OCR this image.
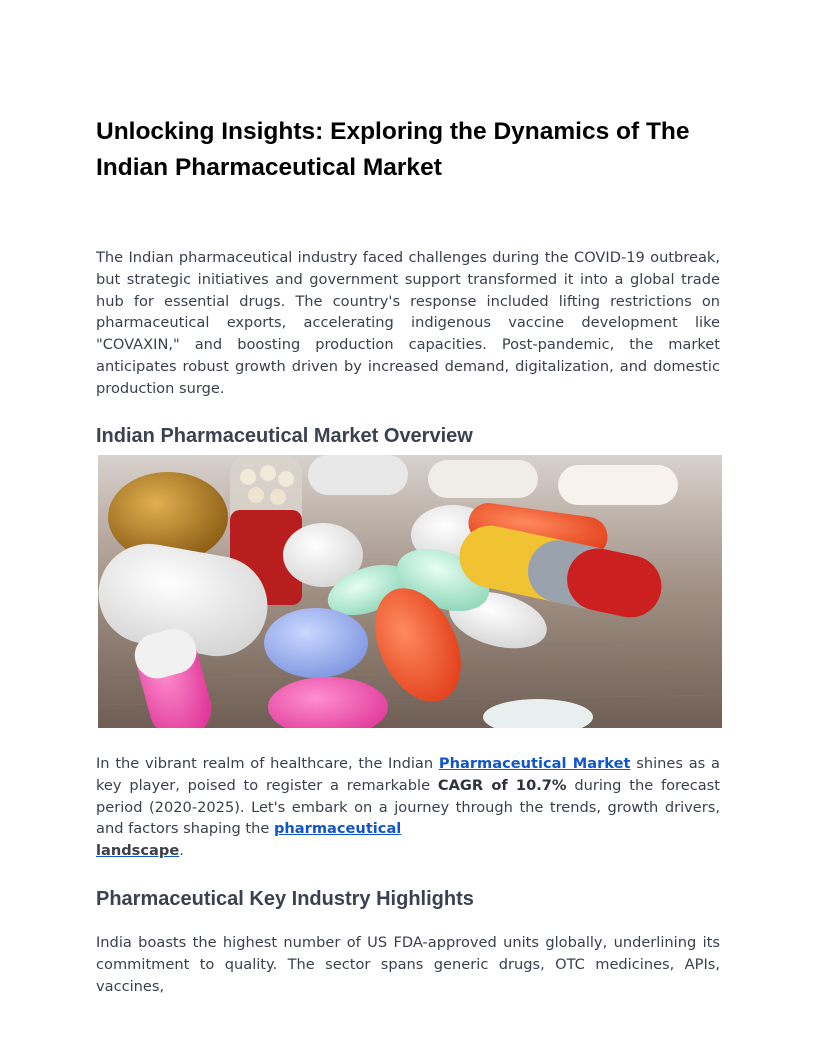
Unlocking Insights: Exploring the Dynamics of The Indian Pharmaceutical Market

The Indian pharmaceutical industry faced challenges during the COVID-19 outbreak, but strategic initiatives and government support transformed it into a global trade hub for essential drugs. The country's response included lifting restrictions on pharmaceutical exports, accelerating indigenous vaccine development like "COVAXIN," and boosting production capacities. Post-pandemic, the market anticipates robust growth driven by increased demand, digitalization, and domestic production surge.

Indian Pharmaceutical Market Overview

In the vibrant realm of healthcare, the Indian Pharmaceutical Market shines as a key player, poised to register a remarkable CAGR of 10.7% during the forecast period (2020-2025). Let's embark on a journey through the trends, growth drivers, and factors shaping the pharmaceutical
landscape.

Pharmaceutical Key Industry Highlights

India boasts the highest number of US FDA-approved units globally, underlining its commitment to quality. The sector spans generic drugs, OTC medicines, APIs, vaccines,
